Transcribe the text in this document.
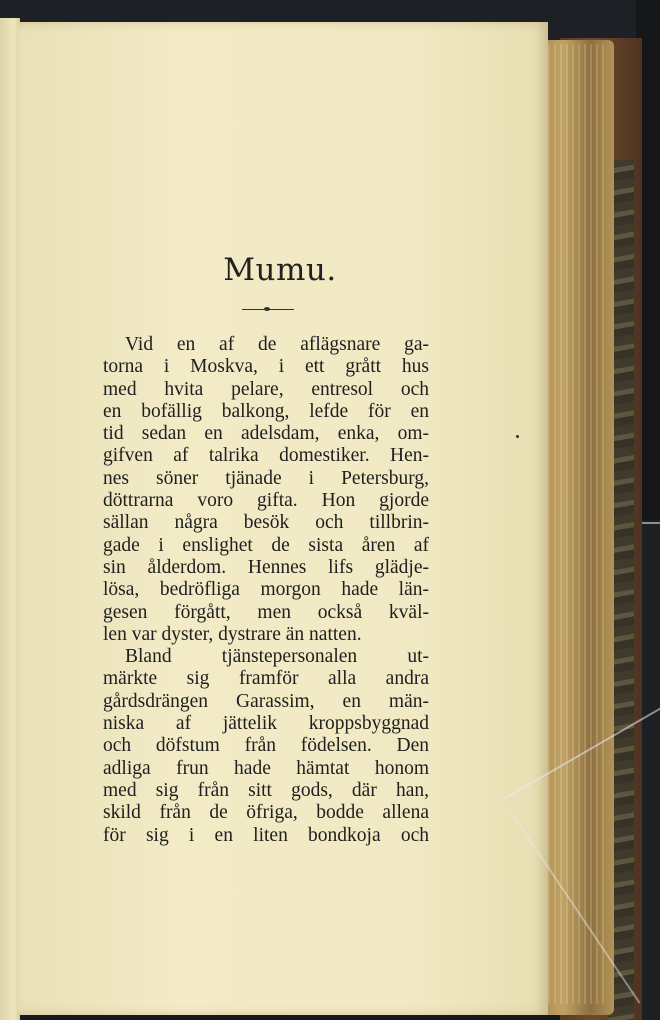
Mumu.
Vid en af de aflägsnare ga-
torna i Moskva, i ett grått hus
med hvita pelare, entresol och
en bofällig balkong, lefde för en
tid sedan en adelsdam, enka, om-
gifven af talrika domestiker. Hen-
nes söner tjänade i Petersburg,
döttrarna voro gifta. Hon gjorde
sällan några besök och tillbrin-
gade i enslighet de sista åren af
sin ålderdom. Hennes lifs glädje-
lösa, bedröfliga morgon hade län-
gesen förgått, men också kväl-
len var dyster, dystrare än natten.
Bland tjänstepersonalen ut-
märkte sig framför alla andra
gårdsdrängen Garassim, en män-
niska af jättelik kroppsbyggnad
och döfstum från födelsen. Den
adliga frun hade hämtat honom
med sig från sitt gods, där han,
skild från de öfriga, bodde allena
för sig i en liten bondkoja och
